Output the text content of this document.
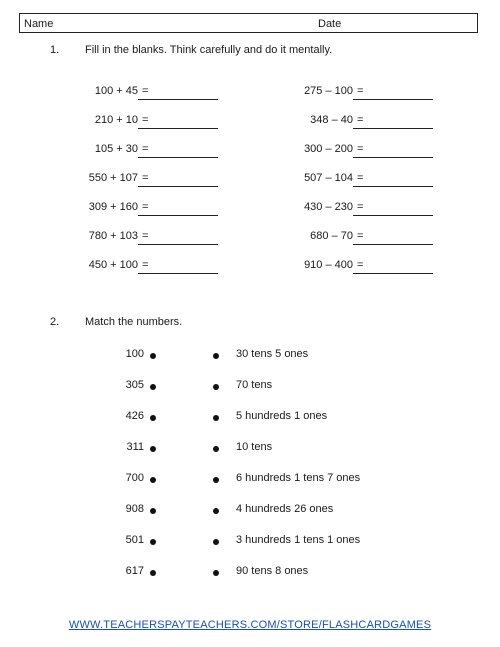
Name	Date
1. Fill in the blanks. Think carefully and do it mentally.
100 + 45 =
210 + 10 =
105 + 30 =
550 + 107 =
309 + 160 =
780 + 103 =
450 + 100 =
275 – 100 =
348 – 40 =
300 – 200 =
507 – 104 =
430 – 230 =
680 – 70 =
910 – 400 =
2. Match the numbers.
100	30 tens 5 ones
305	70 tens
426	5 hundreds 1 ones
311	10 tens
700	6 hundreds 1 tens 7 ones
908	4 hundreds 26 ones
501	3 hundreds 1 tens 1 ones
617	90 tens 8 ones
WWW.TEACHERSPAYTEACHERS.COM/STORE/FLASHCARDGAMES
